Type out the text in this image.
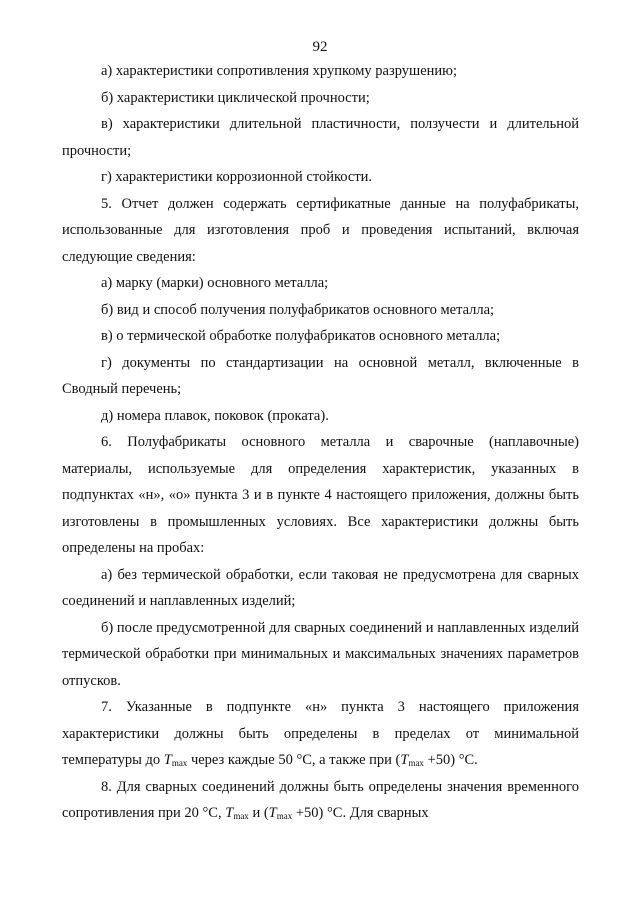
92

а) характеристики сопротивления хрупкому разрушению;

б) характеристики циклической прочности;

в) характеристики длительной пластичности, ползучести и длительной прочности;

г) характеристики коррозионной стойкости.

5. Отчет должен содержать сертификатные данные на полуфабрикаты, использованные для изготовления проб и проведения испытаний, включая следующие сведения:

а) марку (марки) основного металла;

б) вид и способ получения полуфабрикатов основного металла;

в) о термической обработке полуфабрикатов основного металла;

г) документы по стандартизации на основной металл, включенные в Сводный перечень;

д) номера плавок, поковок (проката).

6. Полуфабрикаты основного металла и сварочные (наплавочные) материалы, используемые для определения характеристик, указанных в подпунктах «н», «о» пункта 3 и в пункте 4 настоящего приложения, должны быть изготовлены в промышленных условиях. Все характеристики должны быть определены на пробах:

а) без термической обработки, если таковая не предусмотрена для сварных соединений и наплавленных изделий;

б) после предусмотренной для сварных соединений и наплавленных изделий термической обработки при минимальных и максимальных значениях параметров отпусков.

7. Указанные в подпункте «н» пункта 3 настоящего приложения характеристики должны быть определены в пределах от минимальной температуры до $T_{max}$ через каждые 50 °С, а также при $(T_{max} +50)$ °С.

8. Для сварных соединений должны быть определены значения временного сопротивления при 20 °С, $T_{max}$ и $(T_{max} +50)$ °С. Для сварных
